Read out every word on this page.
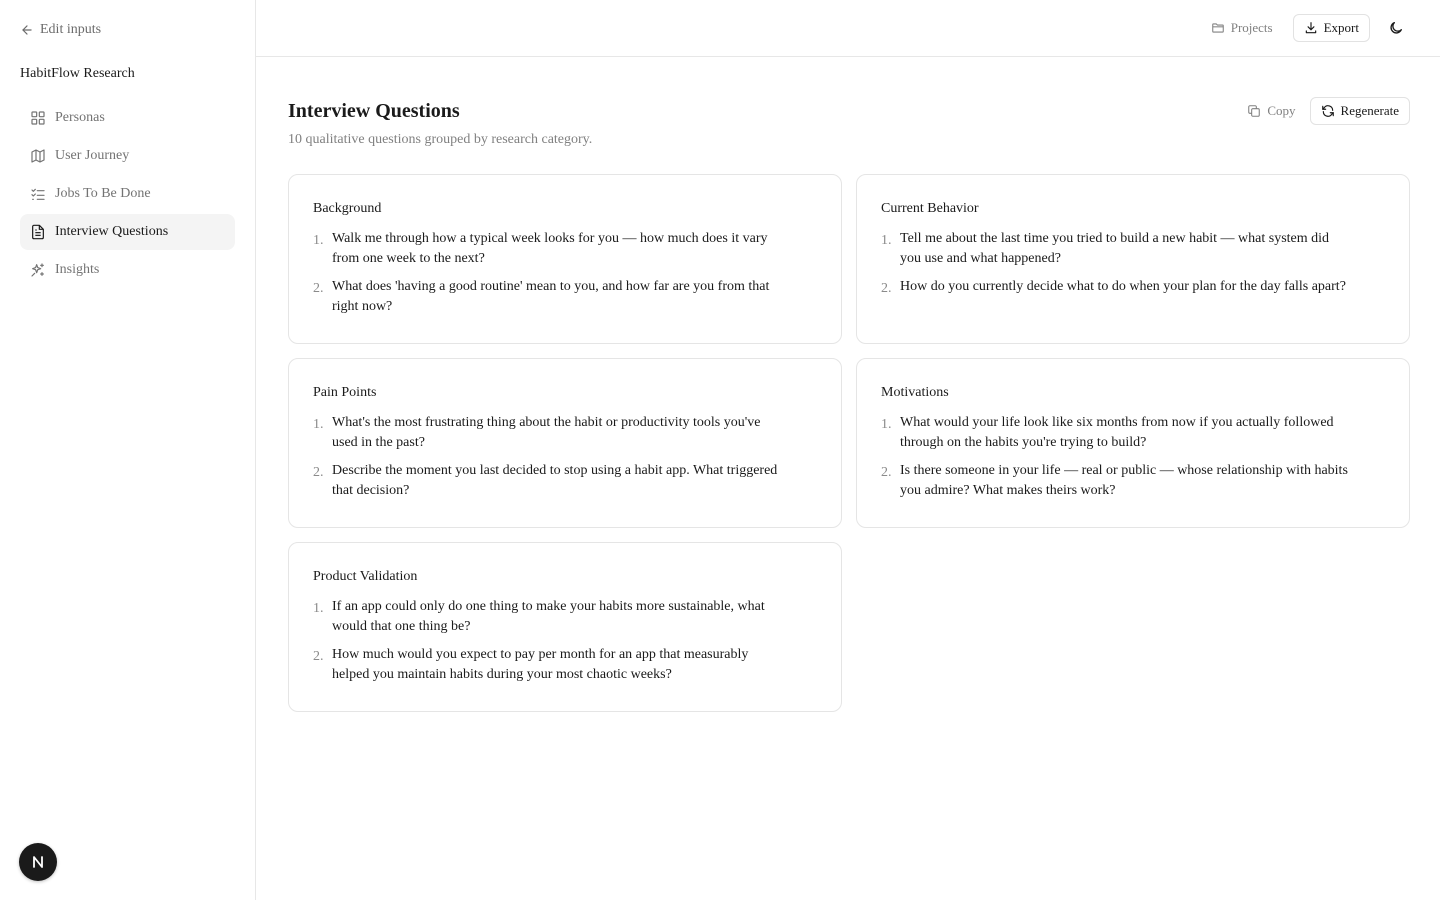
Edit inputs
HabitFlow Research
Personas
User Journey
Jobs To Be Done
Interview Questions
Insights
Projects	Export
Interview Questions

10 qualitative questions grouped by research category.

Copy	Regenerate
Background
1. Walk me through how a typical week looks for you — how much does it vary from one week to the next?
2. What does 'having a good routine' mean to you, and how far are you from that right now?
Current Behavior
1. Tell me about the last time you tried to build a new habit — what system did you use and what happened?
2. How do you currently decide what to do when your plan for the day falls apart?
Pain Points
1. What's the most frustrating thing about the habit or productivity tools you've used in the past?
2. Describe the moment you last decided to stop using a habit app. What triggered that decision?
Motivations
1. What would your life look like six months from now if you actually followed through on the habits you're trying to build?
2. Is there someone in your life — real or public — whose relationship with habits you admire? What makes theirs work?
Product Validation
1. If an app could only do one thing to make your habits more sustainable, what would that one thing be?
2. How much would you expect to pay per month for an app that measurably helped you maintain habits during your most chaotic weeks?
